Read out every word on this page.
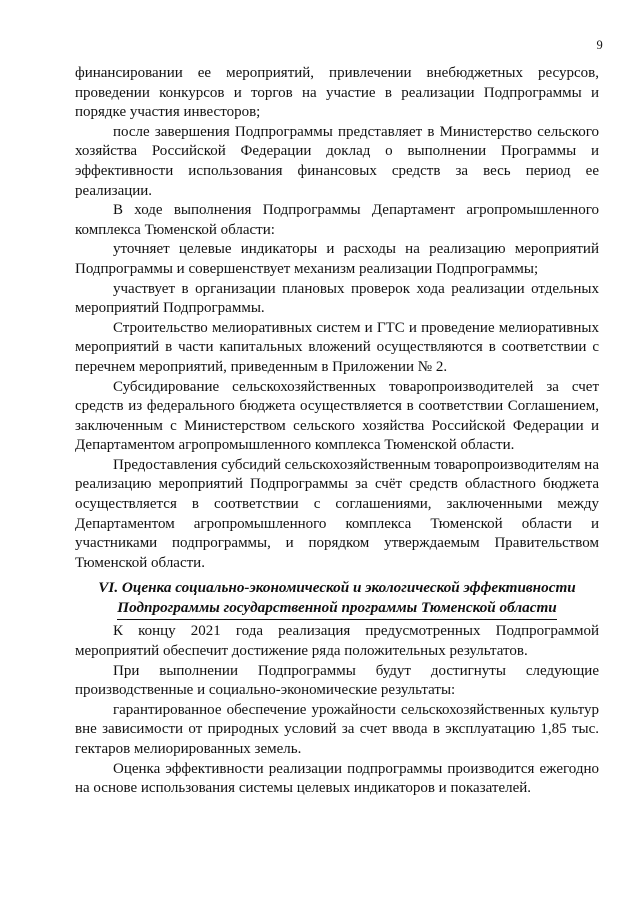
9

финансировании ее мероприятий, привлечении внебюджетных ресурсов, проведении конкурсов и торгов на участие в реализации Подпрограммы и порядке участия инвесторов;

после завершения Подпрограммы представляет в Министерство сельского хозяйства Российской Федерации доклад о выполнении Программы и эффективности использования финансовых средств за весь период ее реализации.

В ходе выполнения Подпрограммы Департамент агропромышленного комплекса Тюменской области:

уточняет целевые индикаторы и расходы на реализацию мероприятий Подпрограммы и совершенствует механизм реализации Подпрограммы;

участвует в организации плановых проверок хода реализации отдельных мероприятий Подпрограммы.

Строительство мелиоративных систем и ГТС и проведение мелиоративных мероприятий в части капитальных вложений осуществляются в соответствии с перечнем мероприятий, приведенным в Приложении № 2.

Субсидирование сельскохозяйственных товаропроизводителей за счет средств из федерального бюджета осуществляется в соответствии Соглашением, заключенным с Министерством сельского хозяйства Российской Федерации и Департаментом агропромышленного комплекса Тюменской области.

Предоставления субсидий сельскохозяйственным товаропроизводителям на реализацию мероприятий Подпрограммы за счёт средств областного бюджета осуществляется в соответствии с соглашениями, заключенными между Департаментом агропромышленного комплекса Тюменской области и участниками подпрограммы, и порядком утверждаемым Правительством Тюменской области.

VI. Оценка социально-экономической и экологической эффективности
Подпрограммы государственной программы Тюменской области

К концу 2021 года реализация предусмотренных Подпрограммой мероприятий обеспечит достижение ряда положительных результатов.

При выполнении Подпрограммы будут достигнуты следующие производственные и социально-экономические результаты:

гарантированное обеспечение урожайности сельскохозяйственных культур вне зависимости от природных условий за счет ввода в эксплуатацию 1,85 тыс. гектаров мелиорированных земель.

Оценка эффективности реализации подпрограммы производится ежегодно на основе использования системы целевых индикаторов и показателей.
